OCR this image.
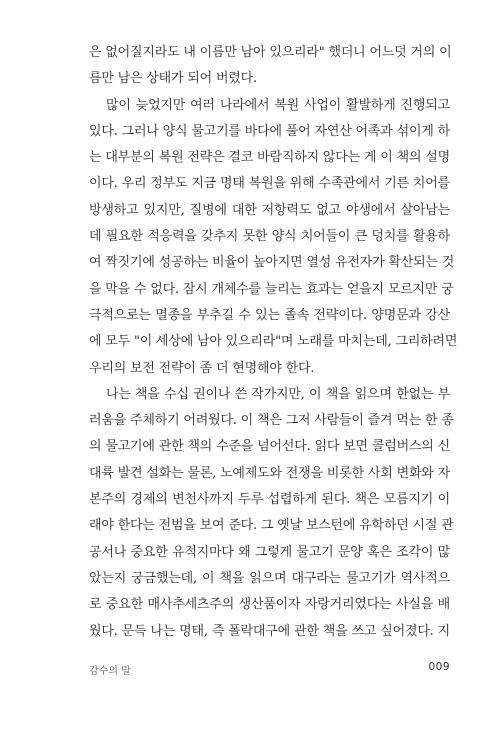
은 없어질지라도 내 이름만 남아 있으리라" 했더니 어느덧 거의 이
름만 남은 상태가 되어 버렸다.
많이 늦었지만 여러 나라에서 복원 사업이 활발하게 진행되고
있다. 그러나 양식 물고기를 바다에 풀어 자연산 어족과 섞이게 하
는 대부분의 복원 전략은 결코 바람직하지 않다는 게 이 책의 설명
이다. 우리 정부도 지금 명태 복원을 위해 수족관에서 기른 치어를
방생하고 있지만, 질병에 대한 저항력도 없고 야생에서 살아남는
데 필요한 적응력을 갖추지 못한 양식 치어들이 큰 덩치를 활용하
여 짝짓기에 성공하는 비율이 높아지면 열성 유전자가 확산되는 것
을 막을 수 없다. 잠시 개체수를 늘리는 효과는 얻을지 모르지만 궁
극적으로는 멸종을 부추길 수 있는 졸속 전략이다. 양명문과 강산
에 모두 "이 세상에 남아 있으리라"며 노래를 마치는데, 그리하려면
우리의 보전 전략이 좀 더 현명해야 한다.
나는 책을 수십 권이나 쓴 작가지만, 이 책을 읽으며 한없는 부
러움을 주체하기 어려웠다. 이 책은 그저 사람들이 즐겨 먹는 한 종
의 물고기에 관한 책의 수준을 넘어선다. 읽다 보면 콜럼버스의 신
대륙 발견 설화는 물론, 노예제도와 전쟁을 비롯한 사회 변화와 자
본주의 경제의 변천사까지 두루 섭렵하게 된다. 책은 모름지기 이
래야 한다는 전범을 보여 준다. 그 옛날 보스턴에 유학하던 시절 관
공서나 중요한 유적지마다 왜 그렇게 물고기 문양 혹은 조각이 많
았는지 궁금했는데, 이 책을 읽으며 대구라는 물고기가 역사적으
로 중요한 매사추세츠주의 생산품이자 자랑거리였다는 사실을 배
웠다. 문득 나는 명태, 즉 폴락대구에 관한 책을 쓰고 싶어졌다. 지
감수의 말	009
